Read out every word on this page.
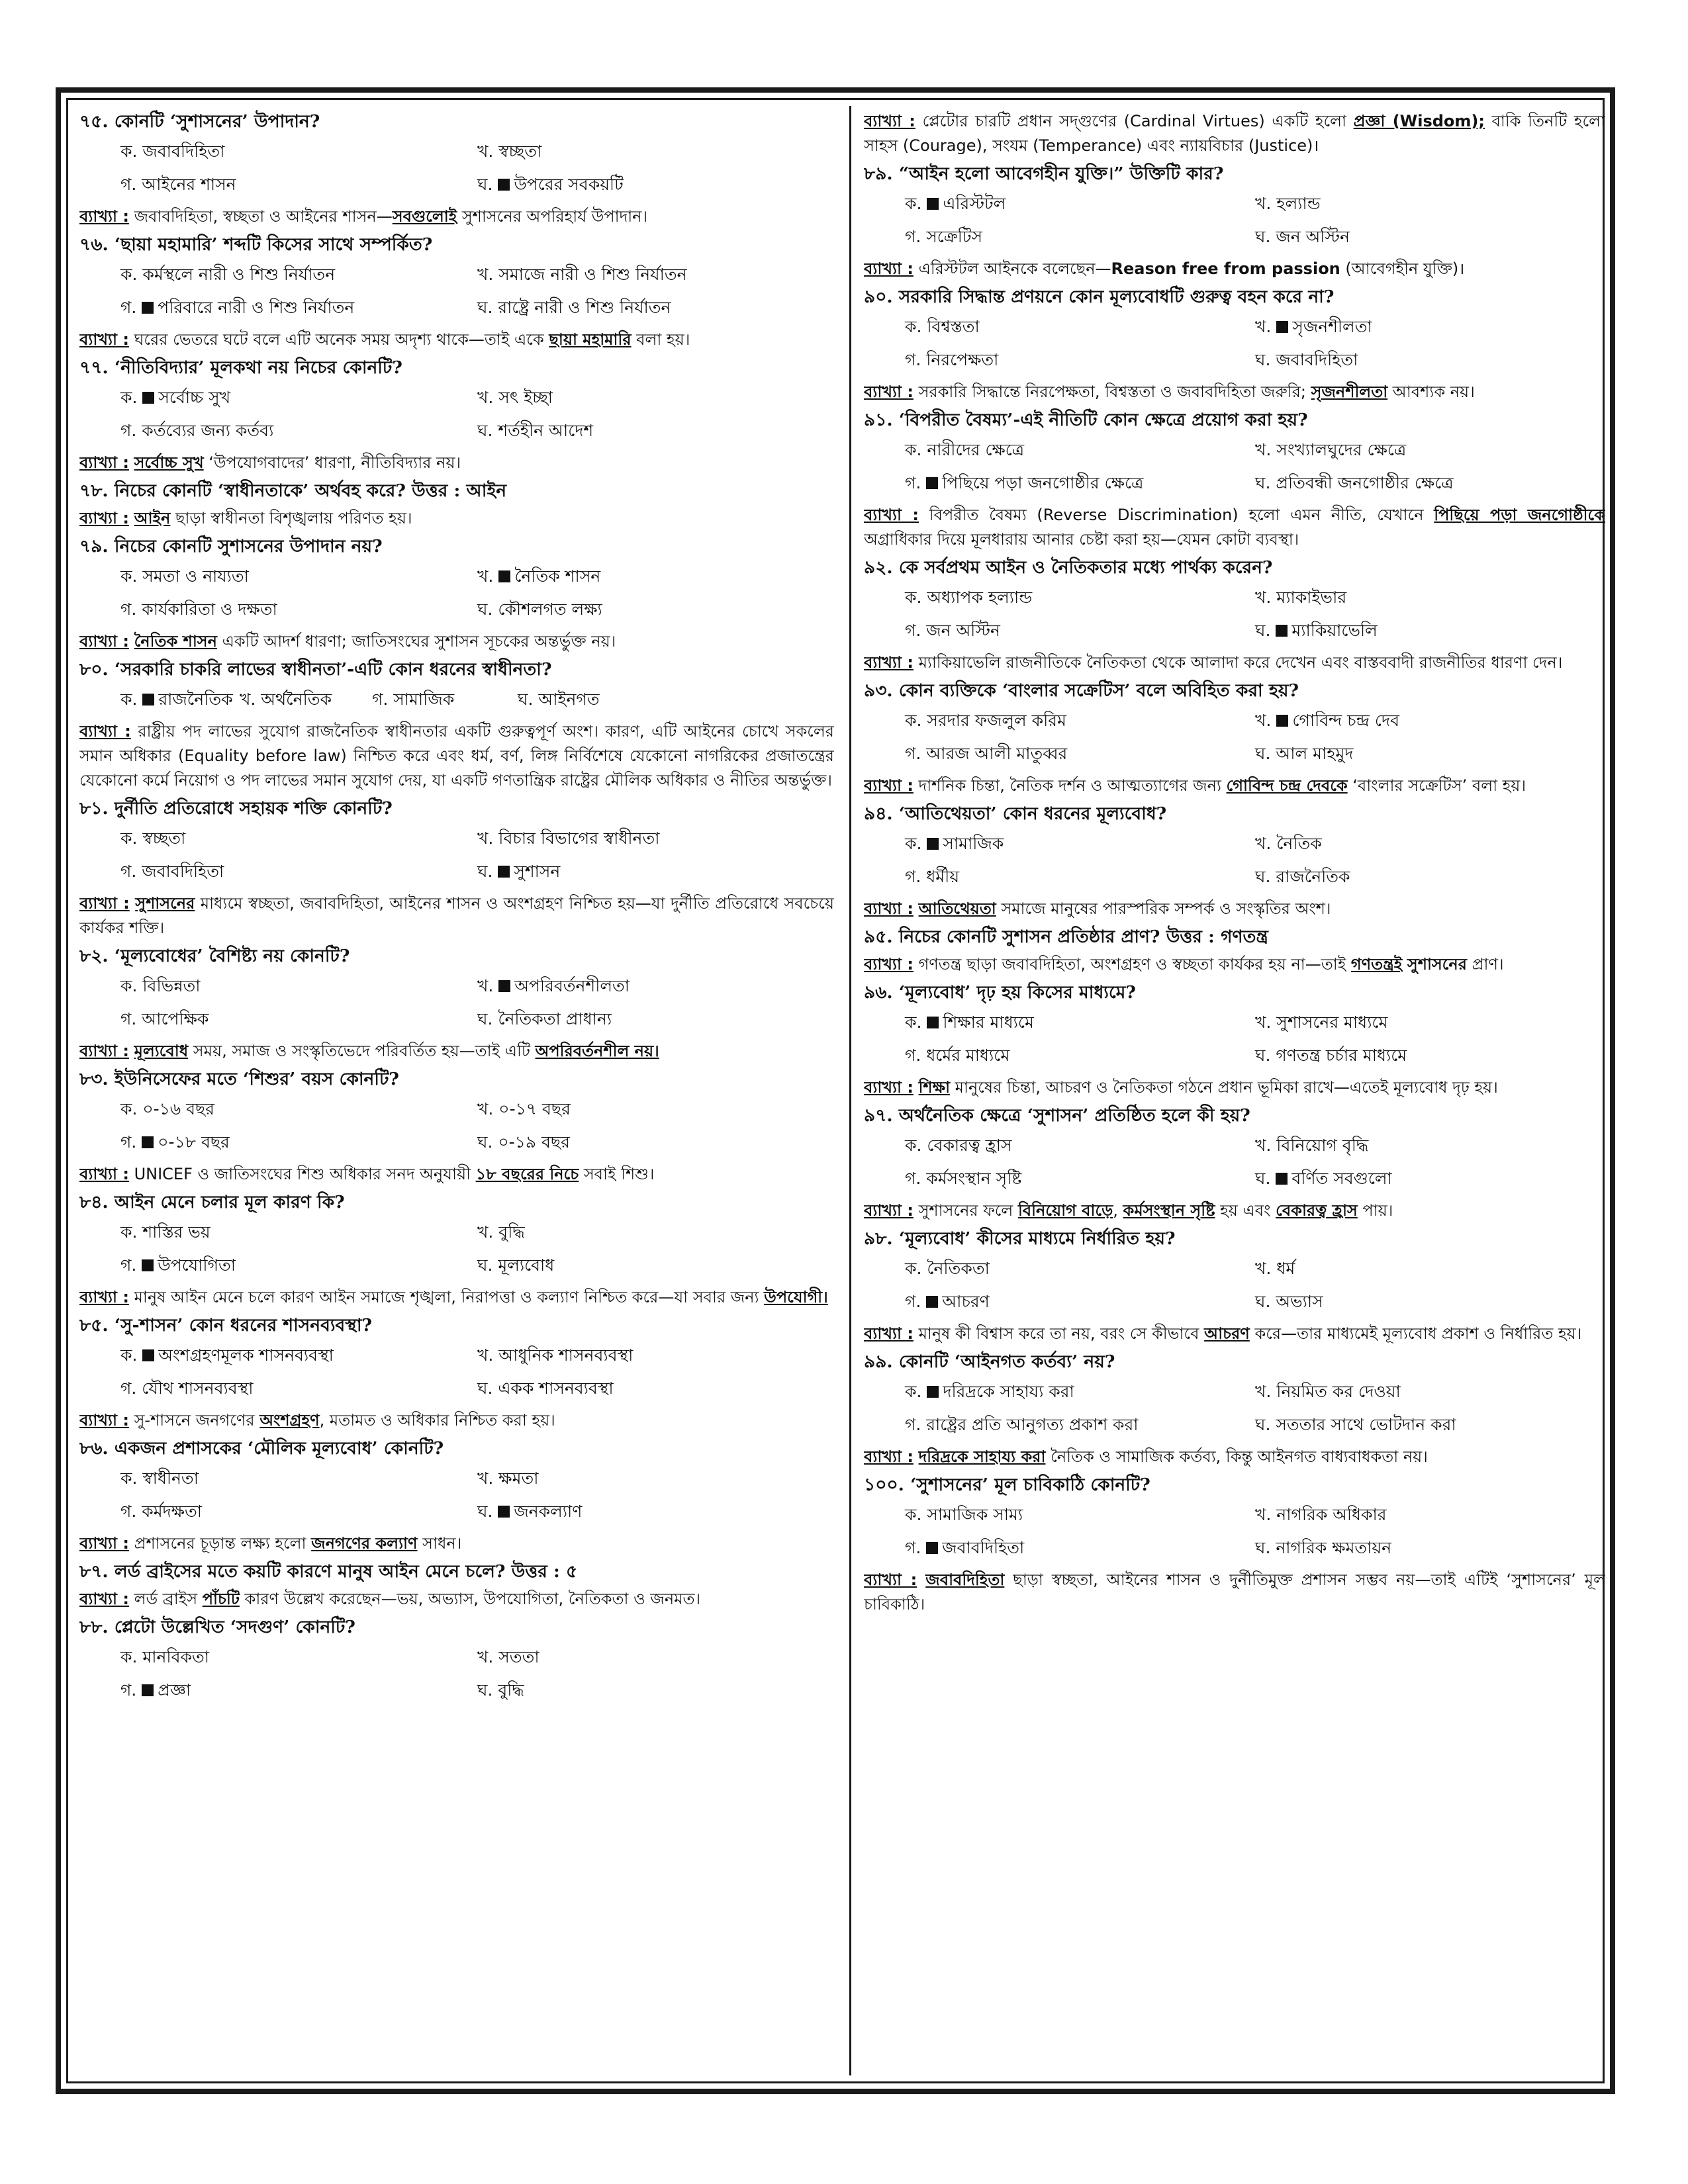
৭৫. কোনটি ‘সুশাসনের’ উপাদান?
ক. জবাবদিহিতা	খ. স্বচ্ছতা
গ. আইনের শাসন	ঘ. উপরের সবকয়টি
ব্যাখ্যা : জবাবদিহিতা, স্বচ্ছতা ও আইনের শাসন—সবগুলোই সুশাসনের অপরিহার্য উপাদান।
৭৬. ‘ছায়া মহামারি’ শব্দটি কিসের সাথে সম্পর্কিত?
ক. কর্মস্থলে নারী ও শিশু নির্যাতন	খ. সমাজে নারী ও শিশু নির্যাতন
গ. পরিবারে নারী ও শিশু নির্যাতন	ঘ. রাষ্ট্রে নারী ও শিশু নির্যাতন
ব্যাখ্যা : ঘরের ভেতরে ঘটে বলে এটি অনেক সময় অদৃশ্য থাকে—তাই একে ছায়া মহামারি বলা হয়।
৭৭. ‘নীতিবিদ্যার’ মূলকথা নয় নিচের কোনটি?
ক. সর্বোচ্চ সুখ	খ. সৎ ইচ্ছা
গ. কর্তব্যের জন্য কর্তব্য	ঘ. শর্তহীন আদেশ
ব্যাখ্যা : সর্বোচ্চ সুখ ‘উপযোগবাদের’ ধারণা, নীতিবিদ্যার নয়।
৭৮. নিচের কোনটি ‘স্বাধীনতাকে’ অর্থবহ করে? উত্তর : আইন
ব্যাখ্যা : আইন ছাড়া স্বাধীনতা বিশৃঙ্খলায় পরিণত হয়।
৭৯. নিচের কোনটি সুশাসনের উপাদান নয়?
ক. সমতা ও নায্যতা	খ. নৈতিক শাসন
গ. কার্যকারিতা ও দক্ষতা	ঘ. কৌশলগত লক্ষ্য
ব্যাখ্যা : নৈতিক শাসন একটি আদর্শ ধারণা; জাতিসংঘের সুশাসন সূচকের অন্তর্ভুক্ত নয়।
৮০. ‘সরকারি চাকরি লাভের স্বাধীনতা’-এটি কোন ধরনের স্বাধীনতা?
ক. রাজনৈতিক খ. অর্থনৈতিক	গ. সামাজিক	ঘ. আইনগত
ব্যাখ্যা : রাষ্ট্রীয় পদ লাভের সুযোগ রাজনৈতিক স্বাধীনতার একটি গুরুত্বপূর্ণ অংশ। কারণ, এটি আইনের চোখে সকলের সমান অধিকার (Equality before law) নিশ্চিত করে এবং ধর্ম, বর্ণ, লিঙ্গ নির্বিশেষে যেকোনো নাগরিকের প্রজাতন্ত্রের যেকোনো কর্মে নিয়োগ ও পদ লাভের সমান সুযোগ দেয়, যা একটি গণতান্ত্রিক রাষ্ট্রের মৌলিক অধিকার ও নীতির অন্তর্ভুক্ত।
৮১. দুর্নীতি প্রতিরোধে সহায়ক শক্তি কোনটি?
ক. স্বচ্ছতা	খ. বিচার বিভাগের স্বাধীনতা
গ. জবাবদিহিতা	ঘ. সুশাসন
ব্যাখ্যা : সুশাসনের মাধ্যমে স্বচ্ছতা, জবাবদিহিতা, আইনের শাসন ও অংশগ্রহণ নিশ্চিত হয়—যা দুর্নীতি প্রতিরোধে সবচেয়ে কার্যকর শক্তি।
৮২. ‘মূল্যবোধের’ বৈশিষ্ট্য নয় কোনটি?
ক. বিভিন্নতা	খ. অপরিবর্তনশীলতা
গ. আপেক্ষিক	ঘ. নৈতিকতা প্রাধান্য
ব্যাখ্যা : মূল্যবোধ সময়, সমাজ ও সংস্কৃতিভেদে পরিবর্তিত হয়—তাই এটি অপরিবর্তনশীল নয়।
৮৩. ইউনিসেফের মতে ‘শিশুর’ বয়স কোনটি?
ক. ০-১৬ বছর	খ. ০-১৭ বছর
গ. ০-১৮ বছর	ঘ. ০-১৯ বছর
ব্যাখ্যা : UNICEF ও জাতিসংঘের শিশু অধিকার সনদ অনুযায়ী ১৮ বছরের নিচে সবাই শিশু।
৮৪. আইন মেনে চলার মূল কারণ কি?
ক. শাস্তির ভয়	খ. বুদ্ধি
গ. উপযোগিতা	ঘ. মূল্যবোধ
ব্যাখ্যা : মানুষ আইন মেনে চলে কারণ আইন সমাজে শৃঙ্খলা, নিরাপত্তা ও কল্যাণ নিশ্চিত করে—যা সবার জন্য উপযোগী।
৮৫. ‘সু-শাসন’ কোন ধরনের শাসনব্যবস্থা?
ক. অংশগ্রহণমূলক শাসনব্যবস্থা	খ. আধুনিক শাসনব্যবস্থা
গ. যৌথ শাসনব্যবস্থা	ঘ. একক শাসনব্যবস্থা
ব্যাখ্যা : সু-শাসনে জনগণের অংশগ্রহণ, মতামত ও অধিকার নিশ্চিত করা হয়।
৮৬. একজন প্রশাসকের ‘মৌলিক মূল্যবোধ’ কোনটি?
ক. স্বাধীনতা	খ. ক্ষমতা
গ. কর্মদক্ষতা	ঘ. জনকল্যাণ
ব্যাখ্যা : প্রশাসনের চূড়ান্ত লক্ষ্য হলো জনগণের কল্যাণ সাধন।
৮৭. লর্ড ব্রাইসের মতে কয়টি কারণে মানুষ আইন মেনে চলে? উত্তর : ৫
ব্যাখ্যা : লর্ড ব্রাইস পাঁচটি কারণ উল্লেখ করেছেন—ভয়, অভ্যাস, উপযোগিতা, নৈতিকতা ও জনমত।
৮৮. প্লেটো উল্লেখিত ‘সদগুণ’ কোনটি?
ক. মানবিকতা	খ. সততা
গ. প্রজ্ঞা	ঘ. বুদ্ধি
ব্যাখ্যা : প্লেটোর চারটি প্রধান সদ্গুণের (Cardinal Virtues) একটি হলো প্রজ্ঞা (Wisdom); বাকি তিনটি হলো সাহস (Courage), সংযম (Temperance) এবং ন্যায়বিচার (Justice)।
৮৯. “আইন হলো আবেগহীন যুক্তি।” উক্তিটি কার?
ক. এরিস্টটল	খ. হল্যান্ড
গ. সক্রেটিস	ঘ. জন অস্টিন
ব্যাখ্যা : এরিস্টটল আইনকে বলেছেন—Reason free from passion (আবেগহীন যুক্তি)।
৯০. সরকারি সিদ্ধান্ত প্রণয়নে কোন মূল্যবোধটি গুরুত্ব বহন করে না?
ক. বিশ্বস্ততা	খ. সৃজনশীলতা
গ. নিরপেক্ষতা	ঘ. জবাবদিহিতা
ব্যাখ্যা : সরকারি সিদ্ধান্তে নিরপেক্ষতা, বিশ্বস্ততা ও জবাবদিহিতা জরুরি; সৃজনশীলতা আবশ্যক নয়।
৯১. ‘বিপরীত বৈষম্য’-এই নীতিটি কোন ক্ষেত্রে প্রয়োগ করা হয়?
ক. নারীদের ক্ষেত্রে	খ. সংখ্যালঘুদের ক্ষেত্রে
গ. পিছিয়ে পড়া জনগোষ্ঠীর ক্ষেত্রে	ঘ. প্রতিবন্ধী জনগোষ্ঠীর ক্ষেত্রে
ব্যাখ্যা : বিপরীত বৈষম্য (Reverse Discrimination) হলো এমন নীতি, যেখানে পিছিয়ে পড়া জনগোষ্ঠীকে অগ্রাধিকার দিয়ে মূলধারায় আনার চেষ্টা করা হয়—যেমন কোটা ব্যবস্থা।
৯২. কে সর্বপ্রথম আইন ও নৈতিকতার মধ্যে পার্থক্য করেন?
ক. অধ্যাপক হল্যান্ড	খ. ম্যাকাইভার
গ. জন অস্টিন	ঘ. ম্যাকিয়াভেলি
ব্যাখ্যা : ম্যাকিয়াভেলি রাজনীতিকে নৈতিকতা থেকে আলাদা করে দেখেন এবং বাস্তববাদী রাজনীতির ধারণা দেন।
৯৩. কোন ব্যক্তিকে ‘বাংলার সক্রেটিস’ বলে অবিহিত করা হয়?
ক. সরদার ফজলুল করিম	খ. গোবিন্দ চন্দ্র দেব
গ. আরজ আলী মাতুব্বর	ঘ. আল মাহমুদ
ব্যাখ্যা : দার্শনিক চিন্তা, নৈতিক দর্শন ও আত্মত্যাগের জন্য গোবিন্দ চন্দ্র দেবকে ‘বাংলার সক্রেটিস’ বলা হয়।
৯৪. ‘আতিথেয়তা’ কোন ধরনের মূল্যবোধ?
ক. সামাজিক	খ. নৈতিক
গ. ধর্মীয়	ঘ. রাজনৈতিক
ব্যাখ্যা : আতিথেয়তা সমাজে মানুষের পারস্পরিক সম্পর্ক ও সংস্কৃতির অংশ।
৯৫. নিচের কোনটি সুশাসন প্রতিষ্ঠার প্রাণ? উত্তর : গণতন্ত্র
ব্যাখ্যা : গণতন্ত্র ছাড়া জবাবদিহিতা, অংশগ্রহণ ও স্বচ্ছতা কার্যকর হয় না—তাই গণতন্ত্রই সুশাসনের প্রাণ।
৯৬. ‘মূল্যবোধ’ দৃঢ় হয় কিসের মাধ্যমে?
ক. শিক্ষার মাধ্যমে	খ. সুশাসনের মাধ্যমে
গ. ধর্মের মাধ্যমে	ঘ. গণতন্ত্র চর্চার মাধ্যমে
ব্যাখ্যা : শিক্ষা মানুষের চিন্তা, আচরণ ও নৈতিকতা গঠনে প্রধান ভূমিকা রাখে—এতেই মূল্যবোধ দৃঢ় হয়।
৯৭. অর্থনৈতিক ক্ষেত্রে ‘সুশাসন’ প্রতিষ্ঠিত হলে কী হয়?
ক. বেকারত্ব হ্রাস	খ. বিনিয়োগ বৃদ্ধি
গ. কর্মসংস্থান সৃষ্টি	ঘ. বর্ণিত সবগুলো
ব্যাখ্যা : সুশাসনের ফলে বিনিয়োগ বাড়ে, কর্মসংস্থান সৃষ্টি হয় এবং বেকারত্ব হ্রাস পায়।
৯৮. ‘মূল্যবোধ’ কীসের মাধ্যমে নির্ধারিত হয়?
ক. নৈতিকতা	খ. ধর্ম
গ. আচরণ	ঘ. অভ্যাস
ব্যাখ্যা : মানুষ কী বিশ্বাস করে তা নয়, বরং সে কীভাবে আচরণ করে—তার মাধ্যমেই মূল্যবোধ প্রকাশ ও নির্ধারিত হয়।
৯৯. কোনটি ‘আইনগত কর্তব্য’ নয়?
ক. দরিদ্রকে সাহায্য করা	খ. নিয়মিত কর দেওয়া
গ. রাষ্ট্রের প্রতি আনুগত্য প্রকাশ করা	ঘ. সততার সাথে ভোটদান করা
ব্যাখ্যা : দরিদ্রকে সাহায্য করা নৈতিক ও সামাজিক কর্তব্য, কিন্তু আইনগত বাধ্যবাধকতা নয়।
১০০. ‘সুশাসনের’ মূল চাবিকাঠি কোনটি?
ক. সামাজিক সাম্য	খ. নাগরিক অধিকার
গ. জবাবদিহিতা	ঘ. নাগরিক ক্ষমতায়ন
ব্যাখ্যা : জবাবদিহিতা ছাড়া স্বচ্ছতা, আইনের শাসন ও দুর্নীতিমুক্ত প্রশাসন সম্ভব নয়—তাই এটিই ‘সুশাসনের’ মূল চাবিকাঠি।
